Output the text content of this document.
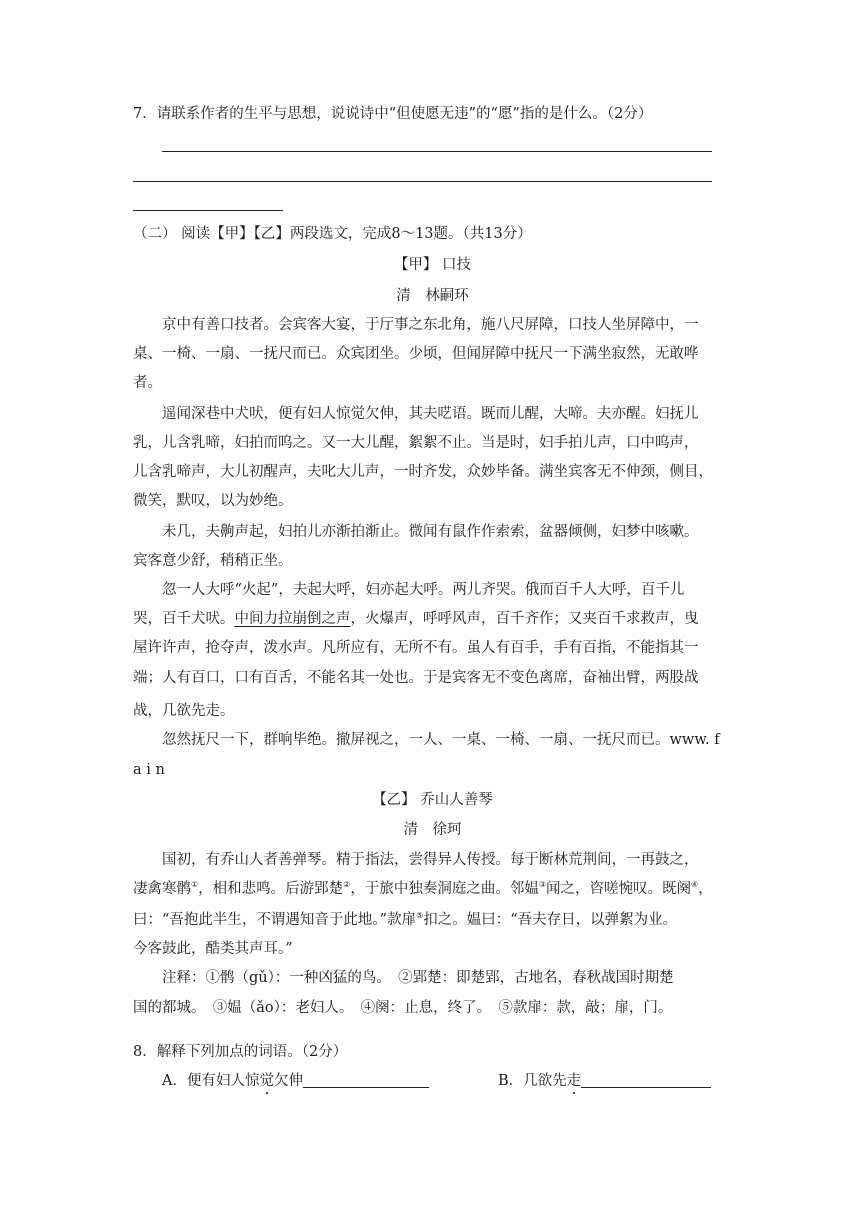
7．请联系作者的生平与思想，说说诗中“但使愿无违”的“愿”指的是什么。（2分）
（二） 阅读【甲】【乙】两段选文，完成8～13题。（共13分）
【甲】 口技
清　林嗣环
京中有善口技者。会宾客大宴，于厅事之东北角，施八尺屏障，口技人坐屏障中，一
桌、一椅、一扇、一抚尺而已。众宾团坐。少顷，但闻屏障中抚尺一下满坐寂然，无敢哗
者。
遥闻深巷中犬吠，便有妇人惊觉欠伸，其夫呓语。既而儿醒，大啼。夫亦醒。妇抚儿
乳，儿含乳啼，妇拍而呜之。又一大儿醒，絮絮不止。当是时，妇手拍儿声，口中呜声，
儿含乳啼声，大儿初醒声，夫叱大儿声，一时齐发，众妙毕备。满坐宾客无不伸颈，侧目，
微笑，默叹，以为妙绝。
未几，夫齁声起，妇拍儿亦渐拍渐止。微闻有鼠作作索索，盆器倾侧，妇梦中咳嗽。
宾客意少舒，稍稍正坐。
忽一人大呼“火起”，夫起大呼，妇亦起大呼。两儿齐哭。俄而百千人大呼，百千儿
哭，百千犬吠。中间力拉崩倒之声，火爆声，呼呼风声，百千齐作；又夹百千求救声，曳
屋许许声，抢夺声，泼水声。凡所应有，无所不有。虽人有百手，手有百指，不能指其一
端；人有百口，口有百舌，不能名其一处也。于是宾客无不变色离席，奋袖出臂，两股战
战，几欲先走。
忽然抚尺一下，群响毕绝。撤屏视之，一人、一桌、一椅、一扇、一抚尺而已。www. f
a i n
【乙】 乔山人善琴
清　徐珂
国初，有乔山人者善弹琴。精于指法，尝得异人传授。每于断林荒荆间，一再鼓之，
凄禽寒鹘①，相和悲鸣。后游郢楚②，于旅中独奏洞庭之曲。邻媪③闻之，咨嗟惋叹。既阕④，
曰：“吾抱此半生，不谓遇知音于此地。”款扉⑤扣之。媪曰：“吾夫存日，以弹絮为业。
今客鼓此，酷类其声耳。”
注释：①鹘（gǔ）：一种凶猛的鸟。　②郢楚：即楚郢，古地名，春秋战国时期楚
国的都城。　③媪（ǎo）：老妇人。　④阕：止息，终了。　⑤款扉：款，敲；扉，门。
8．解释下列加点的词语。（2分）
A．便有妇人惊觉欠伸	B．几欲先走
